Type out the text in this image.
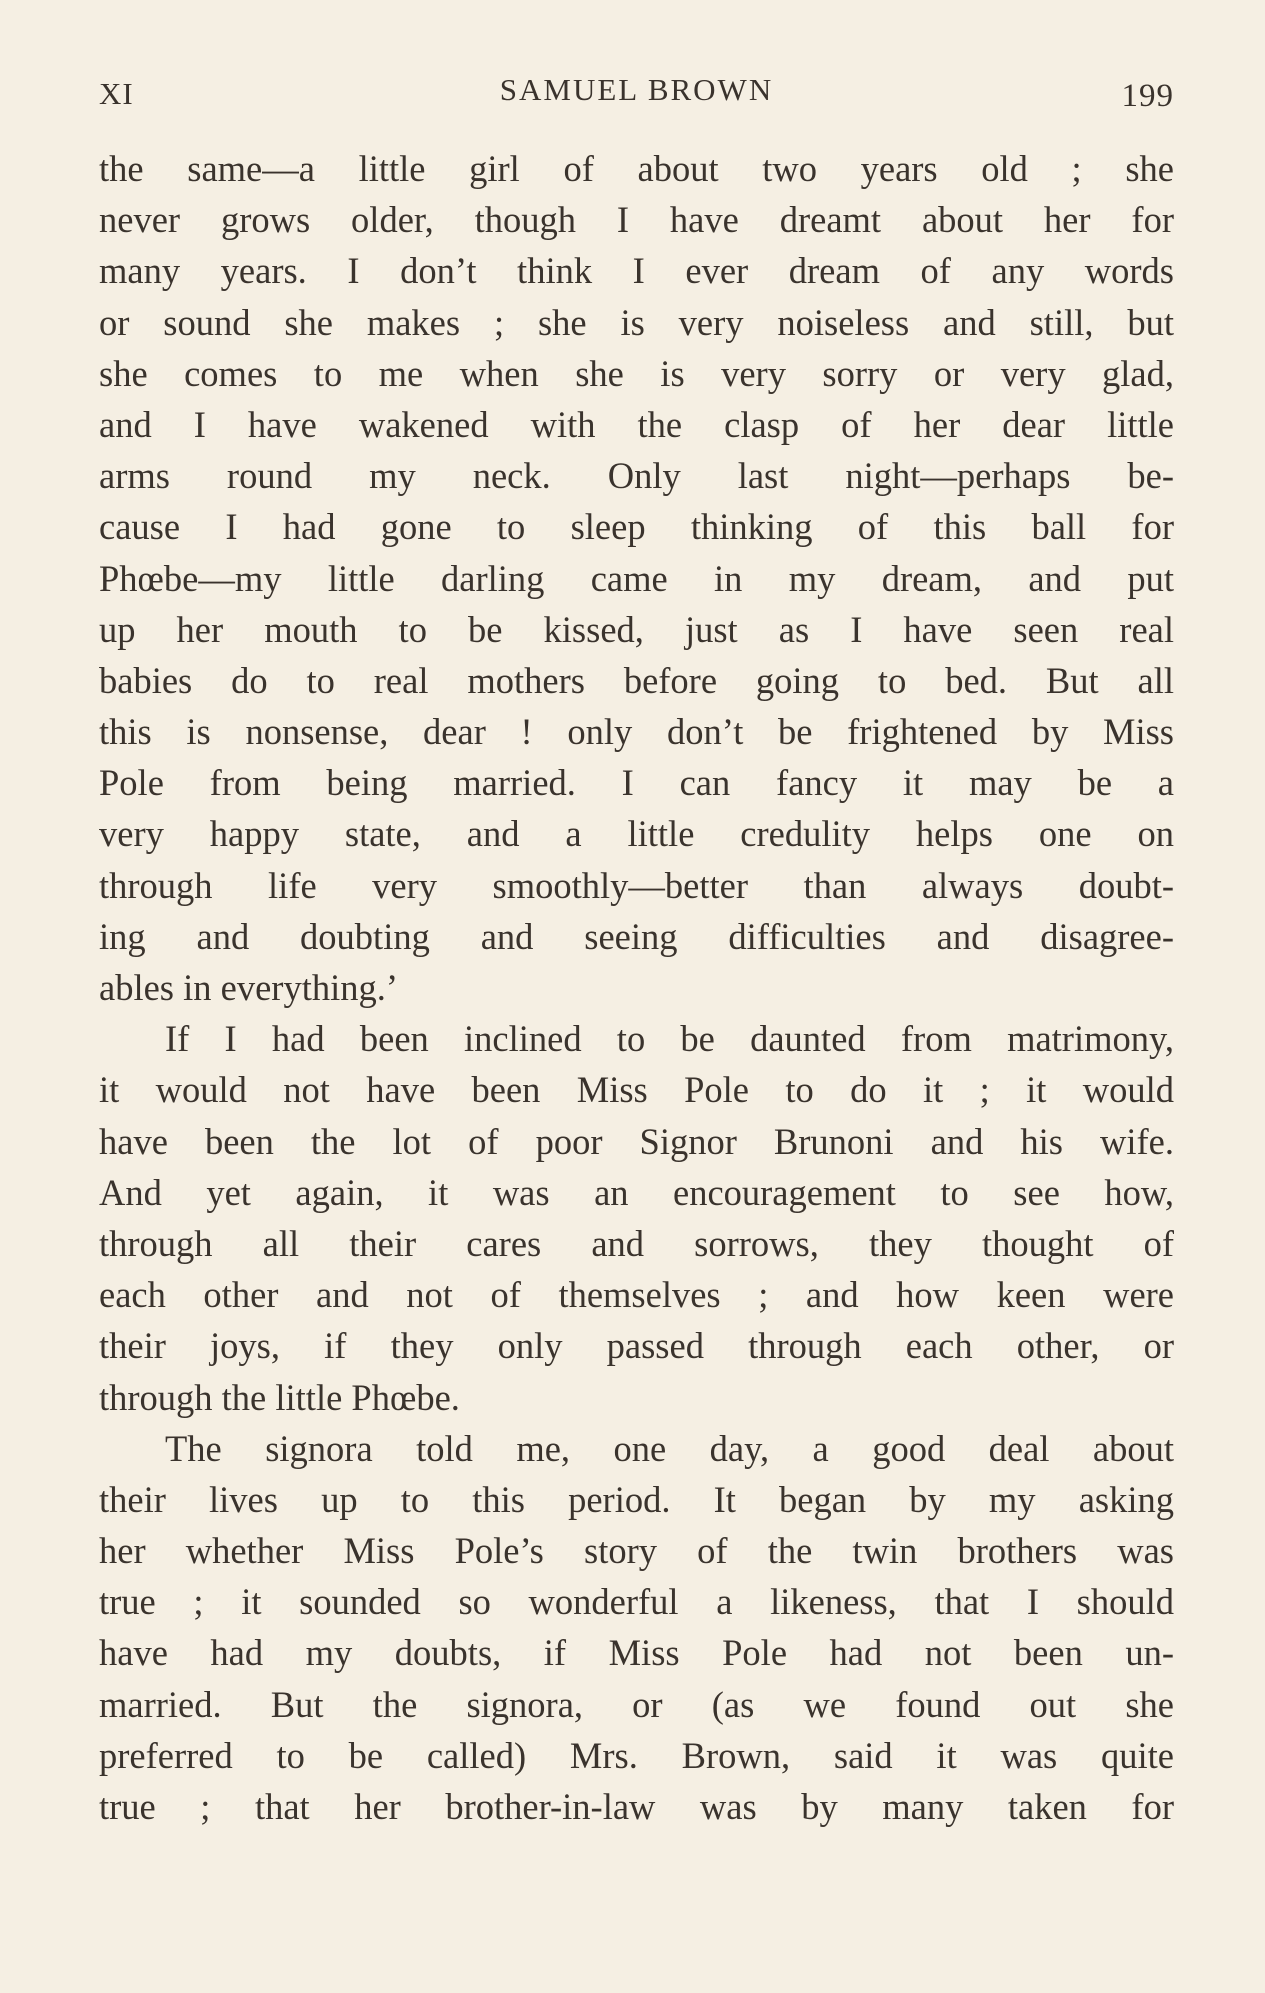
XI	SAMUEL BROWN	199
the same—a little girl of about two years old ; she
never grows older, though I have dreamt about her for
many years. I don’t think I ever dream of any words
or sound she makes ; she is very noiseless and still, but
she comes to me when she is very sorry or very glad,
and I have wakened with the clasp of her dear little
arms round my neck. Only last night—perhaps be-
cause I had gone to sleep thinking of this ball for
Phœbe—my little darling came in my dream, and put
up her mouth to be kissed, just as I have seen real
babies do to real mothers before going to bed. But all
this is nonsense, dear ! only don’t be frightened by Miss
Pole from being married. I can fancy it may be a
very happy state, and a little credulity helps one on
through life very smoothly—better than always doubt-
ing and doubting and seeing difficulties and disagree-
ables in everything.’
If I had been inclined to be daunted from matrimony,
it would not have been Miss Pole to do it ; it would
have been the lot of poor Signor Brunoni and his wife.
And yet again, it was an encouragement to see how,
through all their cares and sorrows, they thought of
each other and not of themselves ; and how keen were
their joys, if they only passed through each other, or
through the little Phœbe.
The signora told me, one day, a good deal about
their lives up to this period. It began by my asking
her whether Miss Pole’s story of the twin brothers was
true ; it sounded so wonderful a likeness, that I should
have had my doubts, if Miss Pole had not been un-
married. But the signora, or (as we found out she
preferred to be called) Mrs. Brown, said it was quite
true ; that her brother-in-law was by many taken for
